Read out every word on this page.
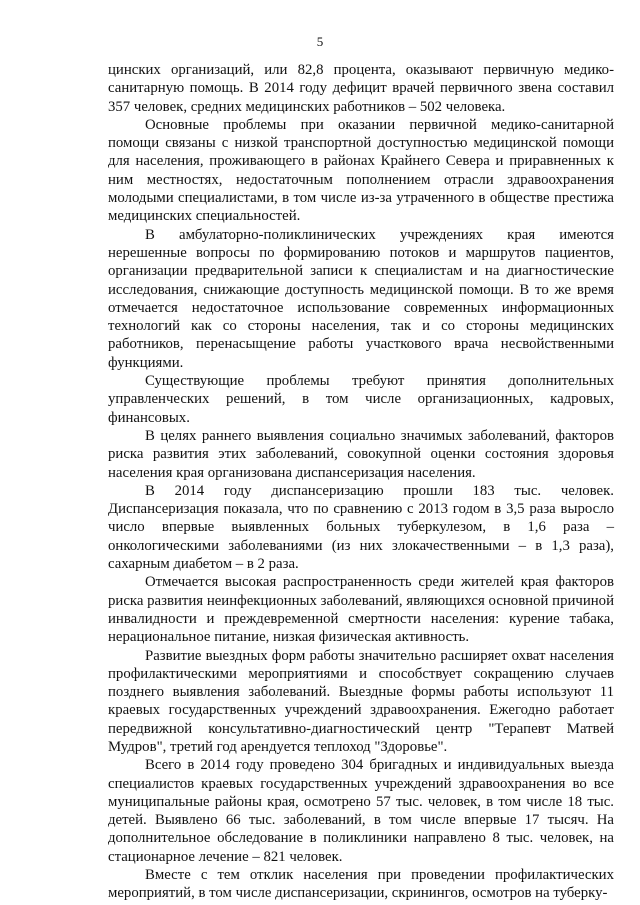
5

цинских организаций, или 82,8 процента, оказывают первичную медико-санитарную помощь. В 2014 году дефицит врачей первичного звена составил 357 человек, средних медицинских работников – 502 человека.

Основные проблемы при оказании первичной медико-санитарной помощи связаны с низкой транспортной доступностью медицинской помощи для населения, проживающего в районах Крайнего Севера и приравненных к ним местностях, недостаточным пополнением отрасли здравоохранения молодыми специалистами, в том числе из-за утраченного в обществе престижа медицинских специальностей.

В амбулаторно-поликлинических учреждениях края имеются нерешенные вопросы по формированию потоков и маршрутов пациентов, организации предварительной записи к специалистам и на диагностические исследования, снижающие доступность медицинской помощи. В то же время отмечается недостаточное использование современных информационных технологий как со стороны населения, так и со стороны медицинских работников, перенасыщение работы участкового врача несвойственными функциями.

Существующие проблемы требуют принятия дополнительных управленческих решений, в том числе организационных, кадровых, финансовых.

В целях раннего выявления социально значимых заболеваний, факторов риска развития этих заболеваний, совокупной оценки состояния здоровья населения края организована диспансеризация населения.

В 2014 году диспансеризацию прошли 183 тыс. человек. Диспансеризация показала, что по сравнению с 2013 годом в 3,5 раза выросло число впервые выявленных больных туберкулезом, в 1,6 раза – онкологическими заболеваниями (из них злокачественными – в 1,3 раза), сахарным диабетом – в 2 раза.

Отмечается высокая распространенность среди жителей края факторов риска развития неинфекционных заболеваний, являющихся основной причиной инвалидности и преждевременной смертности населения: курение табака, нерациональное питание, низкая физическая активность.

Развитие выездных форм работы значительно расширяет охват населения профилактическими мероприятиями и способствует сокращению случаев позднего выявления заболеваний. Выездные формы работы используют 11 краевых государственных учреждений здравоохранения. Ежегодно работает передвижной консультативно-диагностический центр "Терапевт Матвей Мудров", третий год арендуется теплоход "Здоровье".

Всего в 2014 году проведено 304 бригадных и индивидуальных выезда специалистов краевых государственных учреждений здравоохранения во все муниципальные районы края, осмотрено 57 тыс. человек, в том числе 18 тыс. детей. Выявлено 66 тыс. заболеваний, в том числе впервые 17 тысяч. На дополнительное обследование в поликлиники направлено 8 тыс. человек, на стационарное лечение – 821 человек.

Вместе с тем отклик населения при проведении профилактических мероприятий, в том числе диспансеризации, скринингов, осмотров на туберку-
